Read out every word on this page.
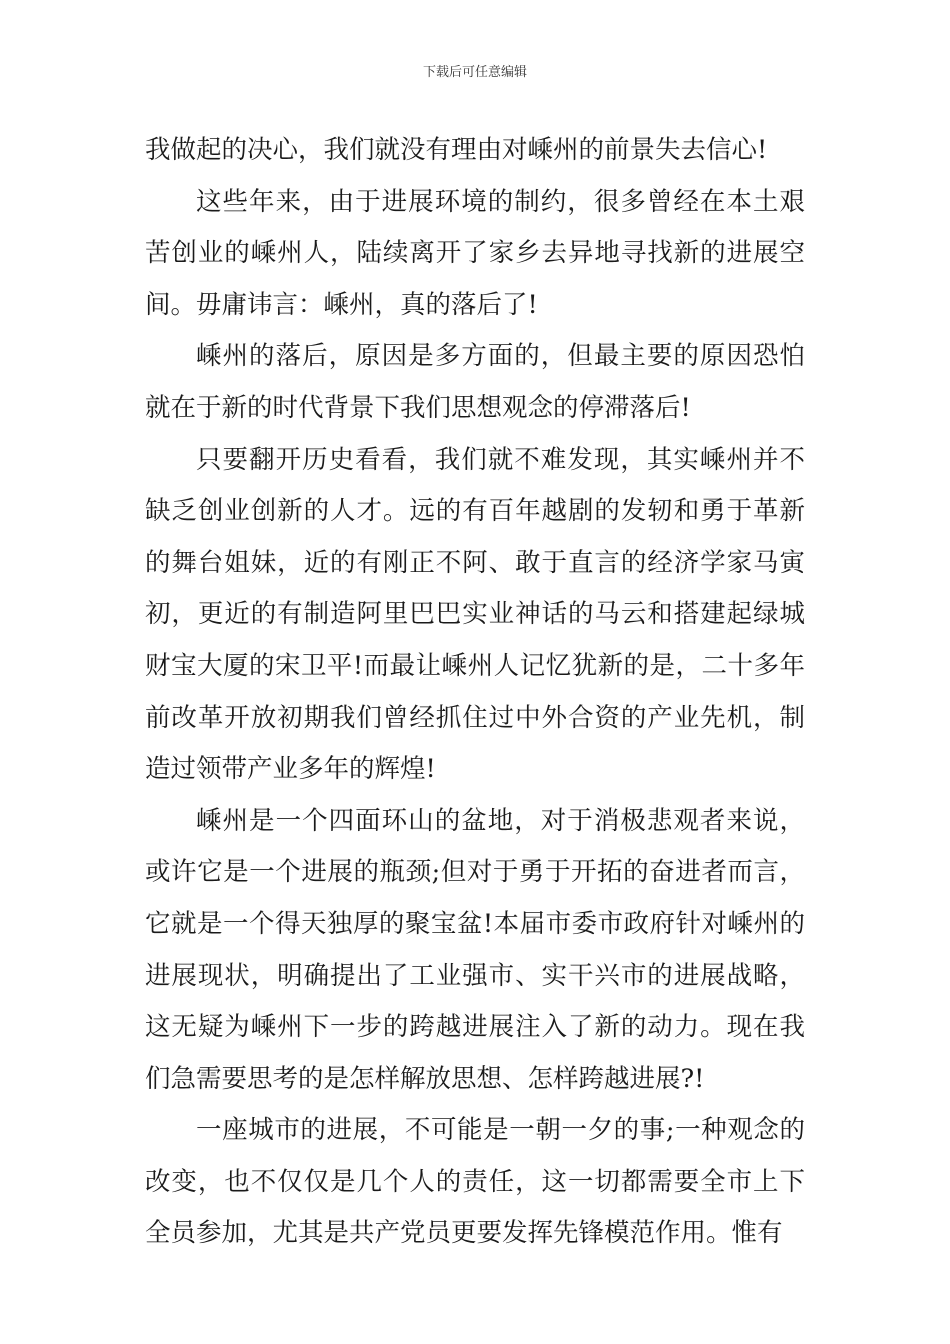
下载后可任意编辑

我做起的决心，我们就没有理由对嵊州的前景失去信心!

这些年来，由于进展环境的制约，很多曾经在本土艰苦创业的嵊州人，陆续离开了家乡去异地寻找新的进展空间。毋庸讳言：嵊州，真的落后了!

嵊州的落后，原因是多方面的，但最主要的原因恐怕就在于新的时代背景下我们思想观念的停滞落后!

只要翻开历史看看，我们就不难发现，其实嵊州并不缺乏创业创新的人才。远的有百年越剧的发轫和勇于革新的舞台姐妹，近的有刚正不阿、敢于直言的经济学家马寅初，更近的有制造阿里巴巴实业神话的马云和搭建起绿城财宝大厦的宋卫平!而最让嵊州人记忆犹新的是，二十多年前改革开放初期我们曾经抓住过中外合资的产业先机，制造过领带产业多年的辉煌!

嵊州是一个四面环山的盆地，对于消极悲观者来说，或许它是一个进展的瓶颈;但对于勇于开拓的奋进者而言，它就是一个得天独厚的聚宝盆!本届市委市政府针对嵊州的进展现状，明确提出了工业强市、实干兴市的进展战略，这无疑为嵊州下一步的跨越进展注入了新的动力。现在我们急需要思考的是怎样解放思想、怎样跨越进展?!

一座城市的进展，不可能是一朝一夕的事;一种观念的改变，也不仅仅是几个人的责任，这一切都需要全市上下全员参加，尤其是共产党员更要发挥先锋模范作用。惟有
